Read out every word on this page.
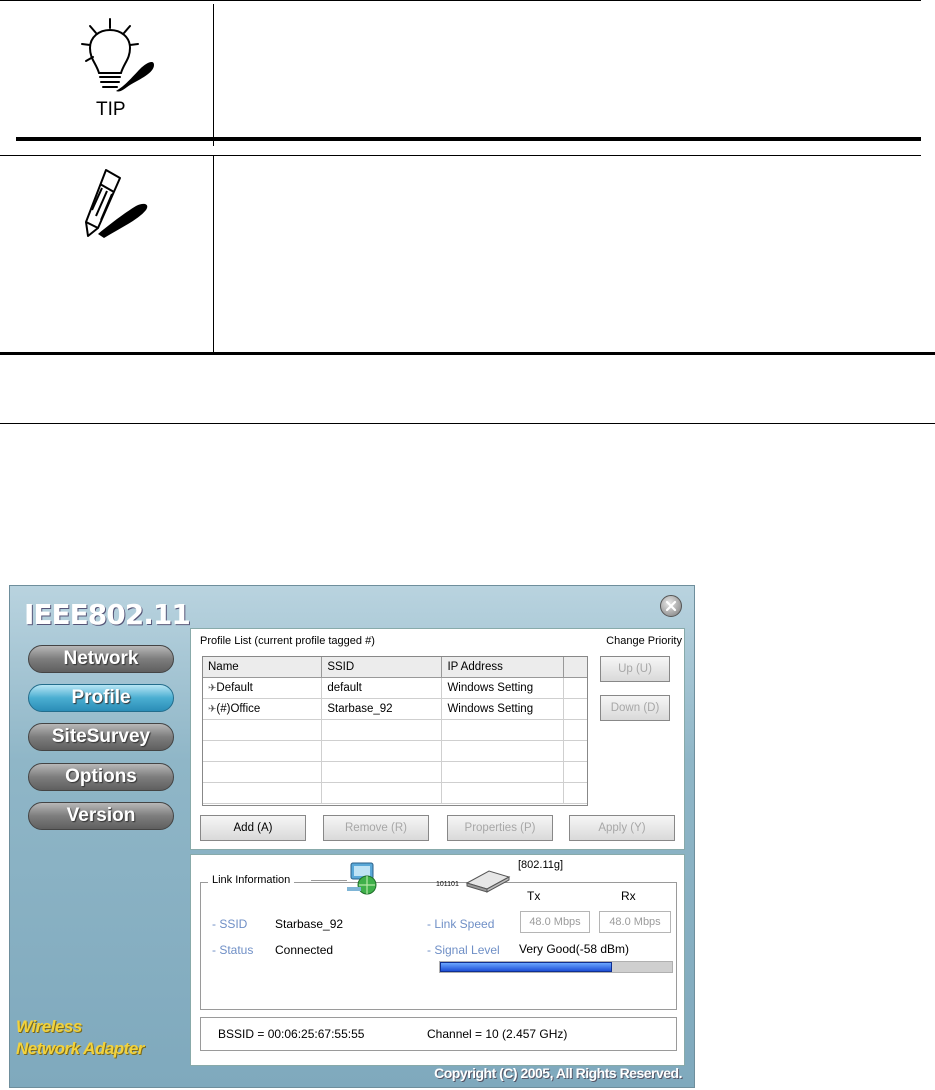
TIP
IEEE802.11
Network
Profile
SiteSurvey
Options
Version
Wireless
Network Adapter
Profile List (current profile tagged #)	Change Priority
Name	SSID	IP Address	
✈Default	default	Windows Setting	
✈(#)Office	Starbase_92	Windows Setting	

Up (U)
Down (D)
Add (A)	Remove (R)	Properties (P)	Apply (Y)
Link Information	101101
[802.11g]
Tx	Rx
- SSID Starbase_92
- Status Connected
- Link Speed	48.0 Mbps	48.0 Mbps
- Signal Level Very Good(-58 dBm)
BSSID = 00:06:25:67:55:55	Channel = 10 (2.457 GHz)
Copyright (C) 2005, All Rights Reserved.
